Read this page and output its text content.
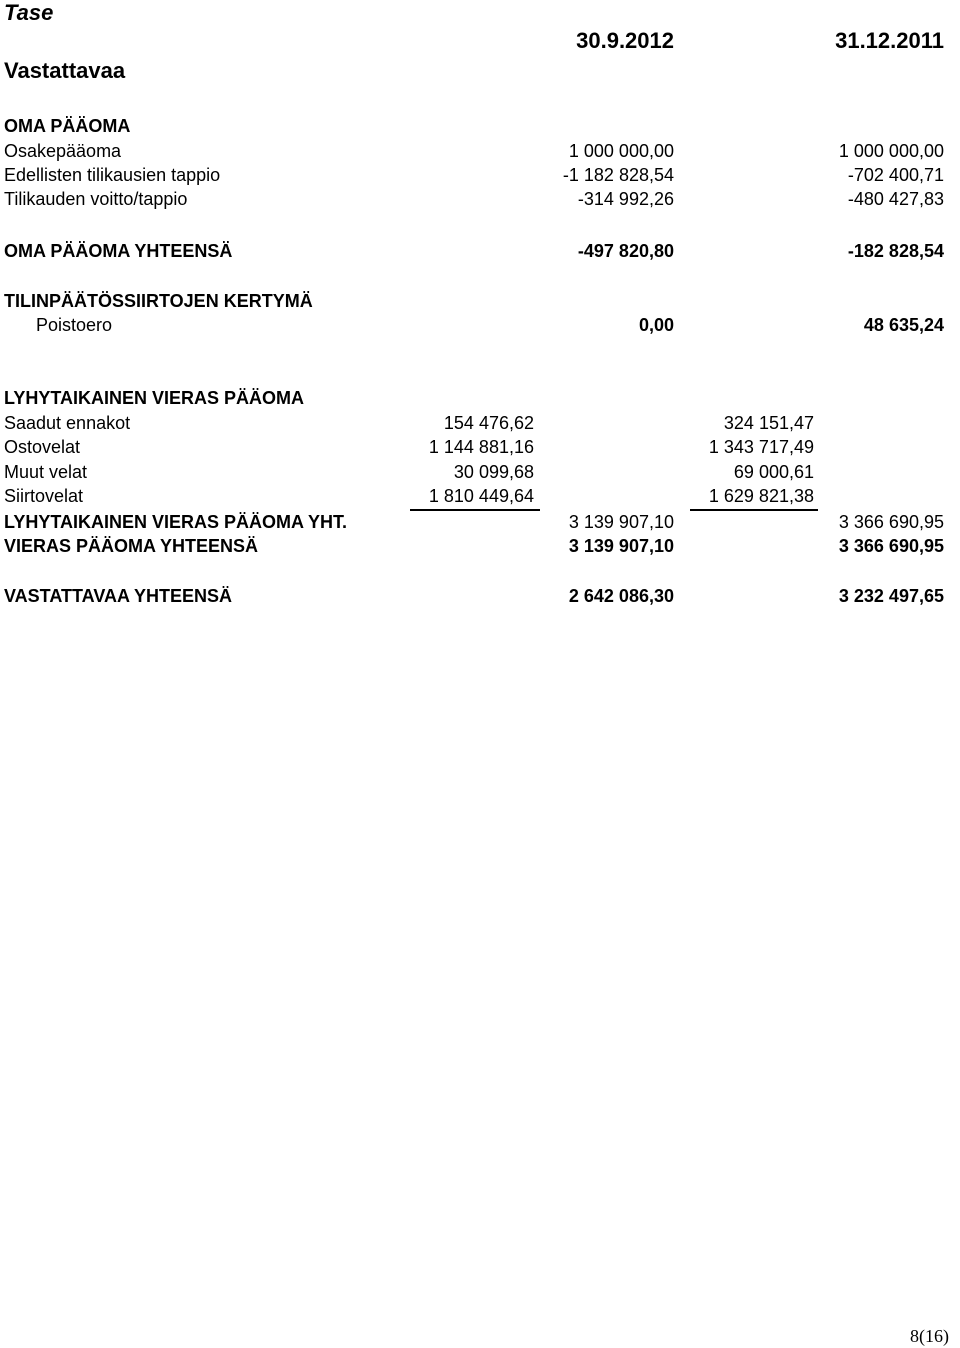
Tase
Vastattavaa
30.9.2012	31.12.2011
OMA PÄÄOMA
Osakepääoma	1 000 000,00	1 000 000,00
Edellisten tilikausien tappio	-1 182 828,54	-702 400,71
Tilikauden voitto/tappio	-314 992,26	-480 427,83
OMA PÄÄOMA YHTEENSÄ	-497 820,80	-182 828,54
TILINPÄÄTÖSSIIRTOJEN KERTYMÄ
Poistoero	0,00	48 635,24
LYHYTAIKAINEN VIERAS PÄÄOMA
Saadut ennakot	154 476,62	324 151,47
Ostovelat	1 144 881,16	1 343 717,49
Muut velat	30 099,68	69 000,61
Siirtovelat	1 810 449,64	1 629 821,38
LYHYTAIKAINEN VIERAS PÄÄOMA YHT.	3 139 907,10	3 366 690,95
VIERAS PÄÄOMA YHTEENSÄ	3 139 907,10	3 366 690,95
VASTATTAVAA YHTEENSÄ	2 642 086,30	3 232 497,65
8(16)
